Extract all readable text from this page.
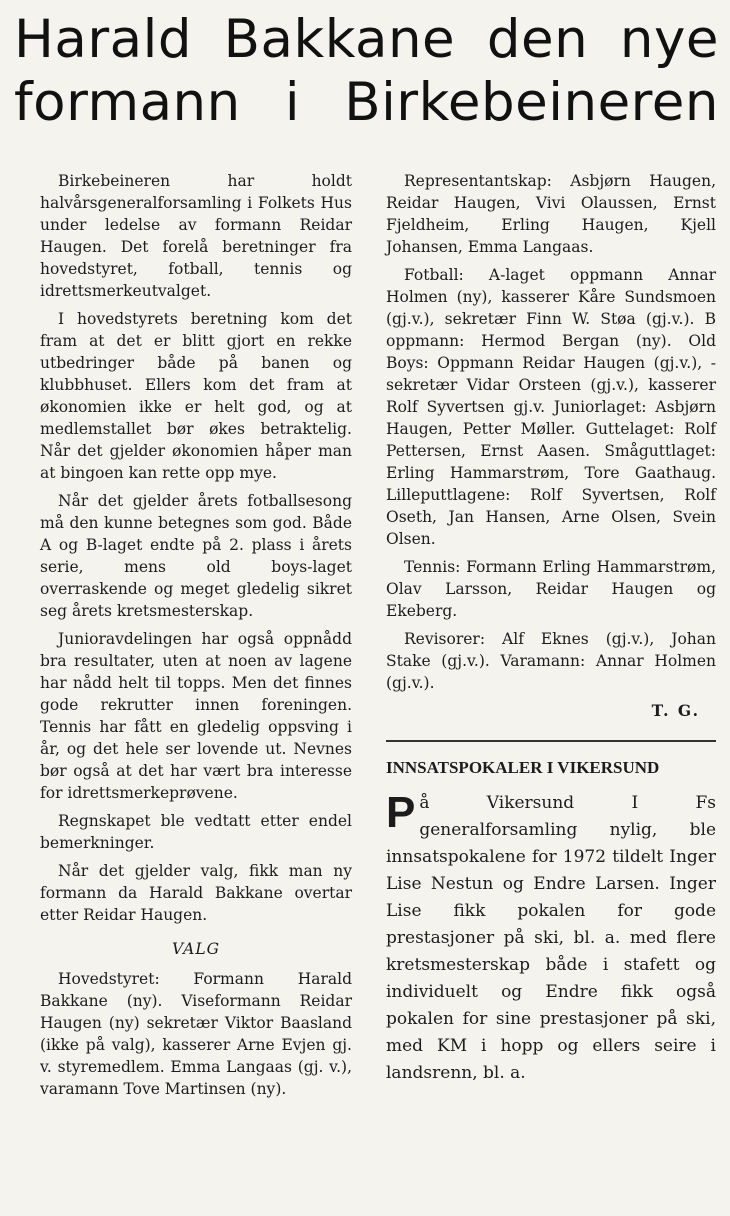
Harald Bakkane den nye
formann i Birkebeineren

Birkebeineren har holdt halvårsgeneralforsamling i Folkets Hus under ledelse av formann Reidar Haugen. Det forelå beretninger fra hovedstyret, fotball, tennis og idrettsmerkeutvalget.

I hovedstyrets beretning kom det fram at det er blitt gjort en rekke utbedringer både på banen og klubbhuset. Ellers kom det fram at økonomien ikke er helt god, og at medlemstallet bør økes betraktelig. Når det gjelder økonomien håper man at bingoen kan rette opp mye.

Når det gjelder årets fotballsesong må den kunne betegnes som god. Både A og B-laget endte på 2. plass i årets serie, mens old boys-laget overraskende og meget gledelig sikret seg årets kretsmesterskap.

Junioravdelingen har også oppnådd bra resultater, uten at noen av lagene har nådd helt til topps. Men det finnes gode rekrutter innen foreningen. Tennis har fått en gledelig oppsving i år, og det hele ser lovende ut. Nevnes bør også at det har vært bra interesse for idrettsmerkeprøvene.

Regnskapet ble vedtatt etter endel bemerkninger.

Når det gjelder valg, fikk man ny formann da Harald Bakkane overtar etter Reidar Haugen.

VALG

Hovedstyret: Formann Harald Bakkane (ny). Viseformann Reidar Haugen (ny) sekretær Viktor Baasland (ikke på valg), kasserer Arne Evjen gj. v. styremedlem. Emma Langaas (gj. v.), varamann Tove Martinsen (ny).

Representantskap: Asbjørn Haugen, Reidar Haugen, Vivi Olaussen, Ernst Fjeldheim, Erling Haugen, Kjell Johansen, Emma Langaas.

Fotball: A-laget oppmann Annar Holmen (ny), kasserer Kåre Sundsmoen (gj.v.), sekretær Finn W. Støa (gj.v.). B oppmann: Hermod Bergan (ny). Old Boys: Oppmann Reidar Haugen (gj.v.), -sekretær Vidar Orsteen (gj.v.), kasserer Rolf Syvertsen gj.v. Juniorlaget: Asbjørn Haugen, Petter Møller. Guttelaget: Rolf Pettersen, Ernst Aasen. Småguttlaget: Erling Hammarstrøm, Tore Gaathaug. Lilleputtlagene: Rolf Syvertsen, Rolf Oseth, Jan Hansen, Arne Olsen, Svein Olsen.

Tennis: Formann Erling Hammarstrøm, Olav Larsson, Reidar Haugen og Ekeberg.

Revisorer: Alf Eknes (gj.v.), Johan Stake (gj.v.). Varamann: Annar Holmen (gj.v.).

T. G.
INNSATSPOKALER I VIKERSUND
P å Vikersund I Fs generalforsamling nylig, ble innsatspokalene for 1972 tildelt Inger Lise Nestun og Endre Larsen. Inger Lise fikk pokalen for gode prestasjoner på ski, bl. a. med flere kretsmesterskap både i stafett og individuelt og Endre fikk også pokalen for sine prestasjoner på ski, med KM i hopp og ellers seire i landsrenn, bl. a.
